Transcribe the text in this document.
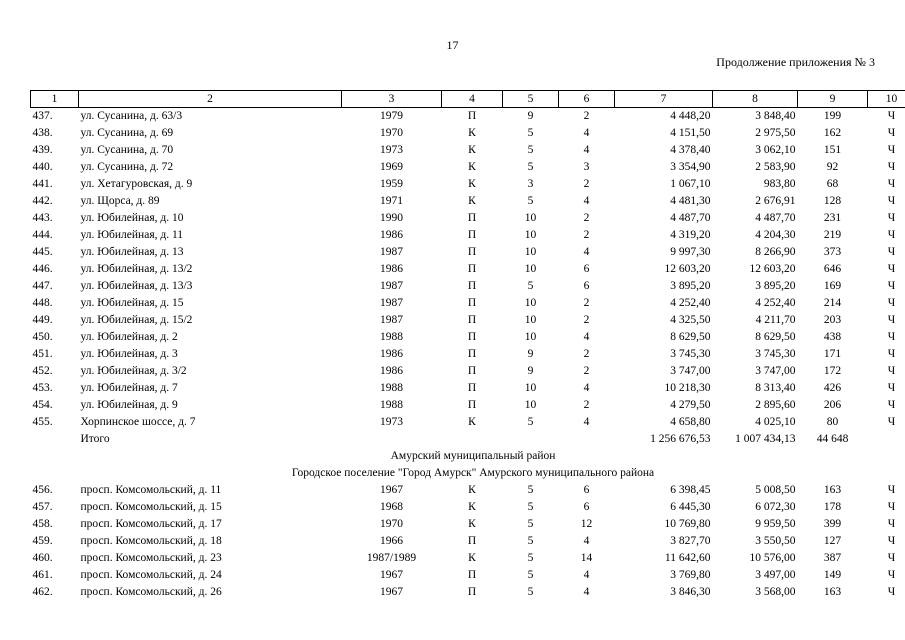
17
Продолжение приложения № 3
1	2	3	4	5	6	7	8	9	10
437.	ул. Сусанина, д. 63/3	1979	П	9	2	4 448,20	3 848,40	199	Ч
438.	ул. Сусанина, д. 69	1970	К	5	4	4 151,50	2 975,50	162	Ч
439.	ул. Сусанина, д. 70	1973	К	5	4	4 378,40	3 062,10	151	Ч
440.	ул. Сусанина, д. 72	1969	К	5	3	3 354,90	2 583,90	92	Ч
441.	ул. Хетагуровская, д. 9	1959	К	3	2	1 067,10	983,80	68	Ч
442.	ул. Щорса, д. 89	1971	К	5	4	4 481,30	2 676,91	128	Ч
443.	ул. Юбилейная, д. 10	1990	П	10	2	4 487,70	4 487,70	231	Ч
444.	ул. Юбилейная, д. 11	1986	П	10	2	4 319,20	4 204,30	219	Ч
445.	ул. Юбилейная, д. 13	1987	П	10	4	9 997,30	8 266,90	373	Ч
446.	ул. Юбилейная, д. 13/2	1986	П	10	6	12 603,20	12 603,20	646	Ч
447.	ул. Юбилейная, д. 13/3	1987	П	5	6	3 895,20	3 895,20	169	Ч
448.	ул. Юбилейная, д. 15	1987	П	10	2	4 252,40	4 252,40	214	Ч
449.	ул. Юбилейная, д. 15/2	1987	П	10	2	4 325,50	4 211,70	203	Ч
450.	ул. Юбилейная, д. 2	1988	П	10	4	8 629,50	8 629,50	438	Ч
451.	ул. Юбилейная, д. 3	1986	П	9	2	3 745,30	3 745,30	171	Ч
452.	ул. Юбилейная, д. 3/2	1986	П	9	2	3 747,00	3 747,00	172	Ч
453.	ул. Юбилейная, д. 7	1988	П	10	4	10 218,30	8 313,40	426	Ч
454.	ул. Юбилейная, д. 9	1988	П	10	2	4 279,50	2 895,60	206	Ч
455.	Хорпинское шоссе, д. 7	1973	К	5	4	4 658,80	4 025,10	80	Ч
	Итого					1 256 676,53	1 007 434,13	44 648	
Амурский муниципальный район									
Городское поселение "Город Амурск" Амурского муниципального района									
456.	просп. Комсомольский, д. 11	1967	К	5	6	6 398,45	5 008,50	163	Ч
457.	просп. Комсомольский, д. 15	1968	К	5	6	6 445,30	6 072,30	178	Ч
458.	просп. Комсомольский, д. 17	1970	К	5	12	10 769,80	9 959,50	399	Ч
459.	просп. Комсомольский, д. 18	1966	П	5	4	3 827,70	3 550,50	127	Ч
460.	просп. Комсомольский, д. 23	1987/1989	К	5	14	11 642,60	10 576,00	387	Ч
461.	просп. Комсомольский, д. 24	1967	П	5	4	3 769,80	3 497,00	149	Ч
462.	просп. Комсомольский, д. 26	1967	П	5	4	3 846,30	3 568,00	163	Ч
